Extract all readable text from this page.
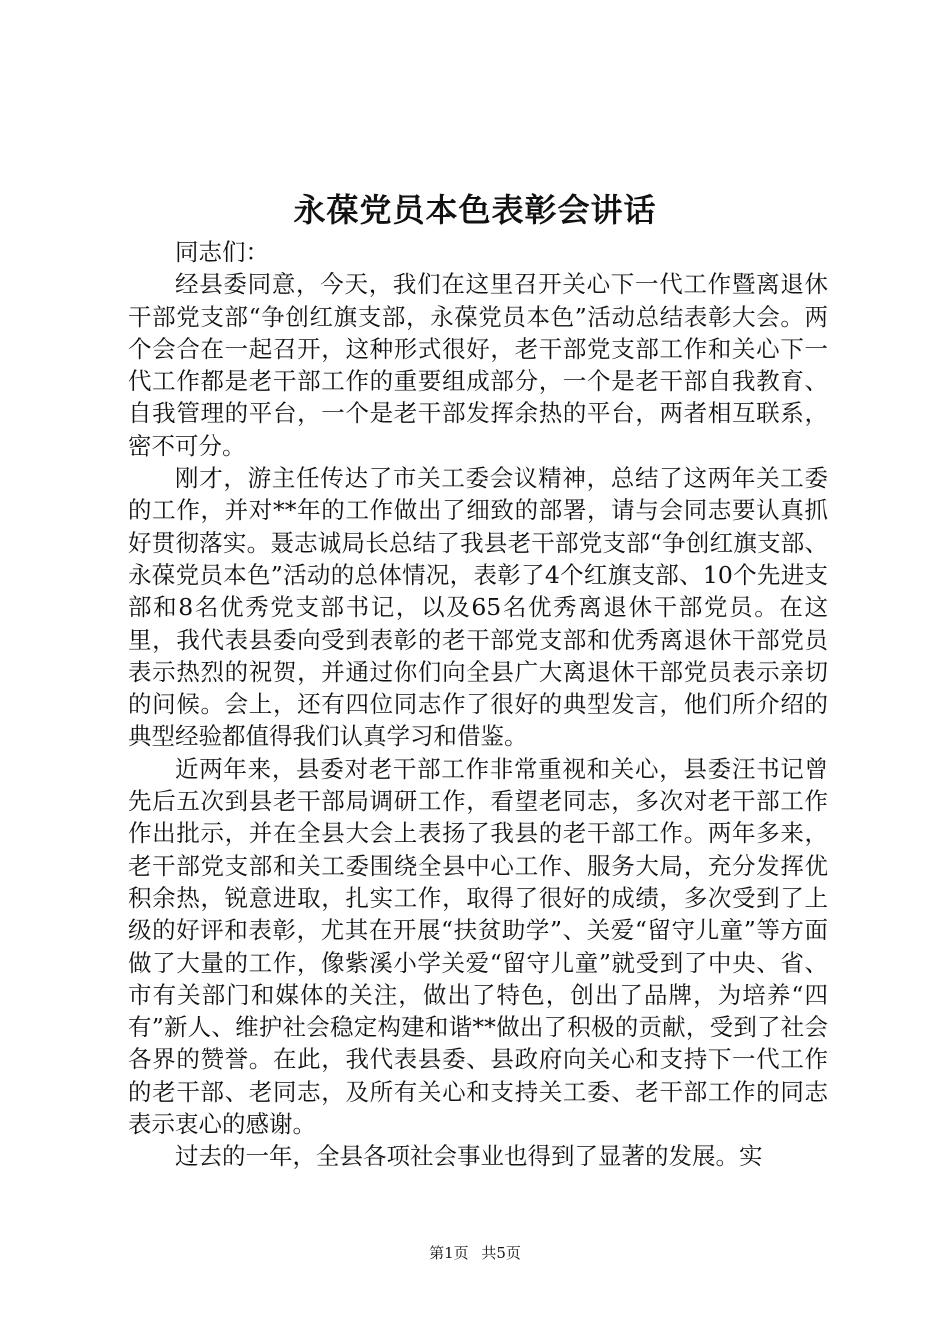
永葆党员本色表彰会讲话

同志们：

经县委同意，今天，我们在这里召开关心下一代工作暨离退休干部党支部“争创红旗支部，永葆党员本色”活动总结表彰大会。两个会合在一起召开，这种形式很好，老干部党支部工作和关心下一代工作都是老干部工作的重要组成部分，一个是老干部自我教育、自我管理的平台，一个是老干部发挥余热的平台，两者相互联系，密不可分。

刚才，游主任传达了市关工委会议精神，总结了这两年关工委的工作，并对**年的工作做出了细致的部署，请与会同志要认真抓好贯彻落实。聂志诚局长总结了我县老干部党支部“争创红旗支部、永葆党员本色”活动的总体情况，表彰了4个红旗支部、10个先进支部和8名优秀党支部书记，以及65名优秀离退休干部党员。在这里，我代表县委向受到表彰的老干部党支部和优秀离退休干部党员表示热烈的祝贺，并通过你们向全县广大离退休干部党员表示亲切的问候。会上，还有四位同志作了很好的典型发言，他们所介绍的典型经验都值得我们认真学习和借鉴。

近两年来，县委对老干部工作非常重视和关心，县委汪书记曾先后五次到县老干部局调研工作，看望老同志，多次对老干部工作作出批示，并在全县大会上表扬了我县的老干部工作。两年多来，老干部党支部和关工委围绕全县中心工作、服务大局，充分发挥优积余热，锐意进取，扎实工作，取得了很好的成绩，多次受到了上级的好评和表彰，尤其在开展“扶贫助学”、关爱“留守儿童”等方面做了大量的工作，像紫溪小学关爱“留守儿童”就受到了中央、省、市有关部门和媒体的关注，做出了特色，创出了品牌，为培养“四有”新人、维护社会稳定构建和谐**做出了积极的贡献，受到了社会各界的赞誉。在此，我代表县委、县政府向关心和支持下一代工作的老干部、老同志，及所有关心和支持关工委、老干部工作的同志表示衷心的感谢。

过去的一年，全县各项社会事业也得到了显著的发展。实

第1页 共5页
